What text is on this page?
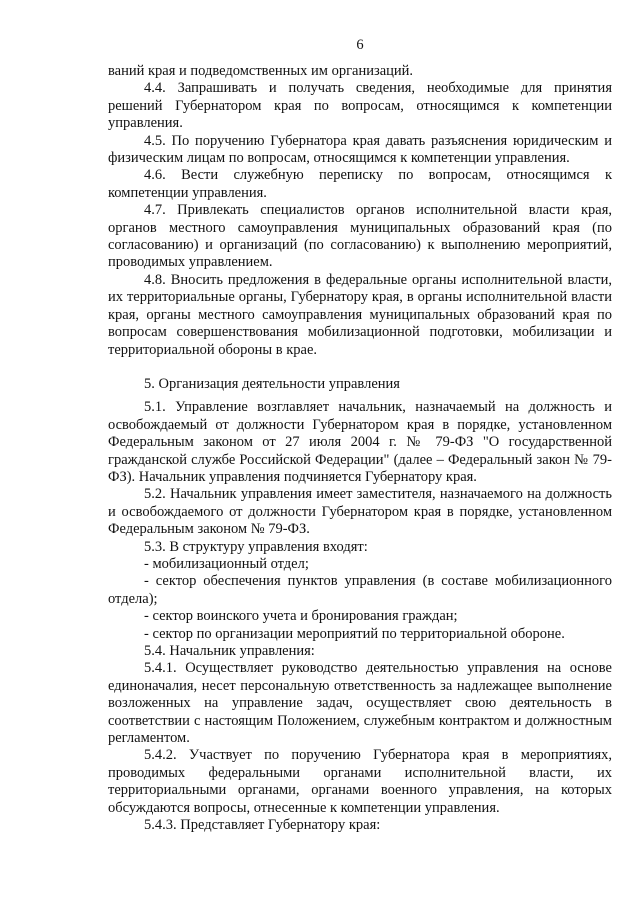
6

ваний края и подведомственных им организаций.

4.4. Запрашивать и получать сведения, необходимые для принятия решений Губернатором края по вопросам, относящимся к компетенции управления.

4.5. По поручению Губернатора края давать разъяснения юридическим и физическим лицам по вопросам, относящимся к компетенции управления.

4.6. Вести служебную переписку по вопросам, относящимся к компетенции управления.

4.7. Привлекать специалистов органов исполнительной власти края, органов местного самоуправления муниципальных образований края (по согласованию) и организаций (по согласованию) к выполнению мероприятий, проводимых управлением.

4.8. Вносить предложения в федеральные органы исполнительной власти, их территориальные органы, Губернатору края, в органы исполнительной власти края, органы местного самоуправления муниципальных образований края по вопросам совершенствования мобилизационной подготовки, мобилизации и территориальной обороны в крае.

5. Организация деятельности управления

5.1. Управление возглавляет начальник, назначаемый на должность и освобождаемый от должности Губернатором края в порядке, установленном Федеральным законом от 27 июля 2004 г. № 79-ФЗ "О государственной гражданской службе Российской Федерации" (далее – Федеральный закон № 79-ФЗ). Начальник управления подчиняется Губернатору края.

5.2. Начальник управления имеет заместителя, назначаемого на должность и освобождаемого от должности Губернатором края в порядке, установленном Федеральным законом № 79-ФЗ.

5.3. В структуру управления входят:

- мобилизационный отдел;

- сектор обеспечения пунктов управления (в составе мобилизационного отдела);

- сектор воинского учета и бронирования граждан;

- сектор по организации мероприятий по территориальной обороне.

5.4. Начальник управления:

5.4.1. Осуществляет руководство деятельностью управления на основе единоначалия, несет персональную ответственность за надлежащее выполнение возложенных на управление задач, осуществляет свою деятельность в соответствии с настоящим Положением, служебным контрактом и должностным регламентом.

5.4.2. Участвует по поручению Губернатора края в мероприятиях, проводимых федеральными органами исполнительной власти, их территориальными органами, органами военного управления, на которых обсуждаются вопросы, отнесенные к компетенции управления.

5.4.3. Представляет Губернатору края:
